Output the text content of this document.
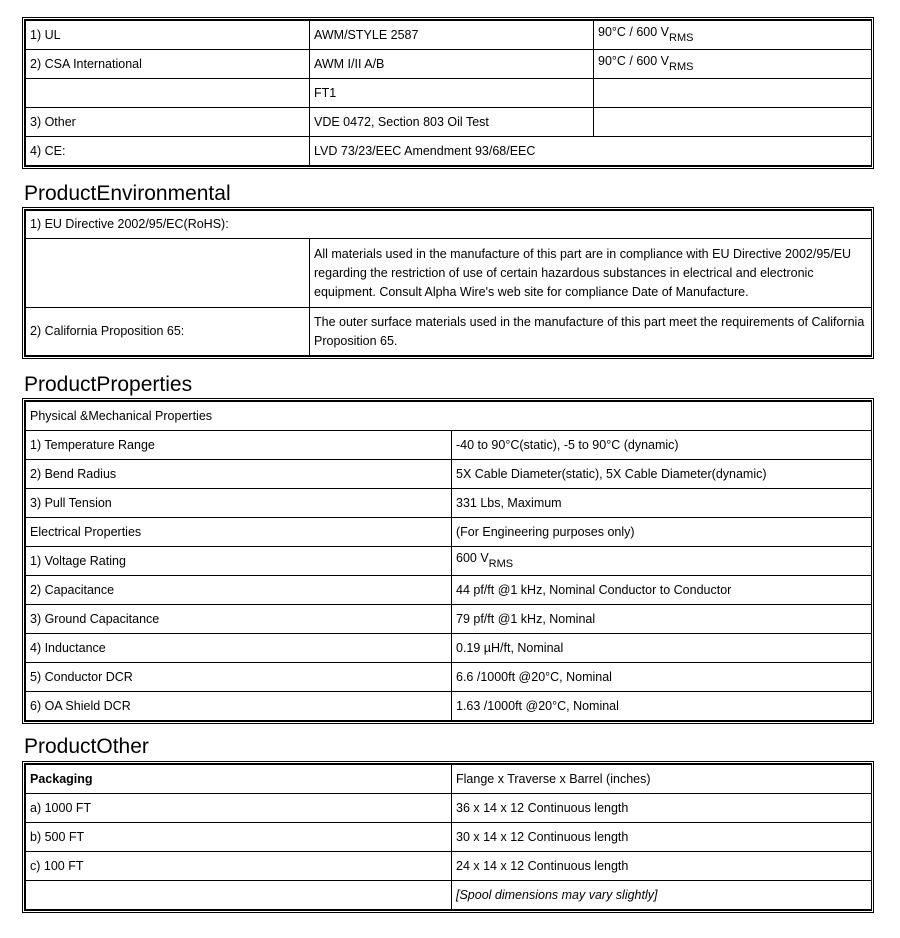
1) UL	AWM/STYLE 2587	90°C / 600 $V_{RMS}$
2) CSA International	AWM I/II A/B	90°C / 600 $V_{RMS}$
	FT1	
3) Other	VDE 0472, Section 803 Oil Test	
4) CE:	LVD 73/23/EEC Amendment 93/68/EEC	
ProductEnvironmental
1) EU Directive 2002/95/EC(RoHS):	
	All materials used in the manufacture of this part are in compliance with EU Directive 2002/95/EU regarding the restriction of use of certain hazardous substances in electrical and electronic equipment. Consult Alpha Wire's web site for compliance Date of Manufacture.
2) California Proposition 65:	The outer surface materials used in the manufacture of this part meet the requirements of California Proposition 65.
ProductProperties
Physical &Mechanical Properties	
1) Temperature Range	-40 to 90°C(static), -5 to 90°C (dynamic)
2) Bend Radius	5X Cable Diameter(static), 5X Cable Diameter(dynamic)
3) Pull Tension	331 Lbs, Maximum
Electrical Properties	(For Engineering purposes only)
1) Voltage Rating	600 $V_{RMS}$
2) Capacitance	44 pf/ft @1 kHz, Nominal Conductor to Conductor
3) Ground Capacitance	79 pf/ft @1 kHz, Nominal
4) Inductance	0.19 µH/ft, Nominal
5) Conductor DCR	6.6 /1000ft @20°C, Nominal
6) OA Shield DCR	1.63 /1000ft @20°C, Nominal
ProductOther
Packaging	Flange x Traverse x Barrel (inches)
a) 1000 FT	36 x 14 x 12 Continuous length
b) 500 FT	30 x 14 x 12 Continuous length
c) 100 FT	24 x 14 x 12 Continuous length
	[Spool dimensions may vary slightly]
